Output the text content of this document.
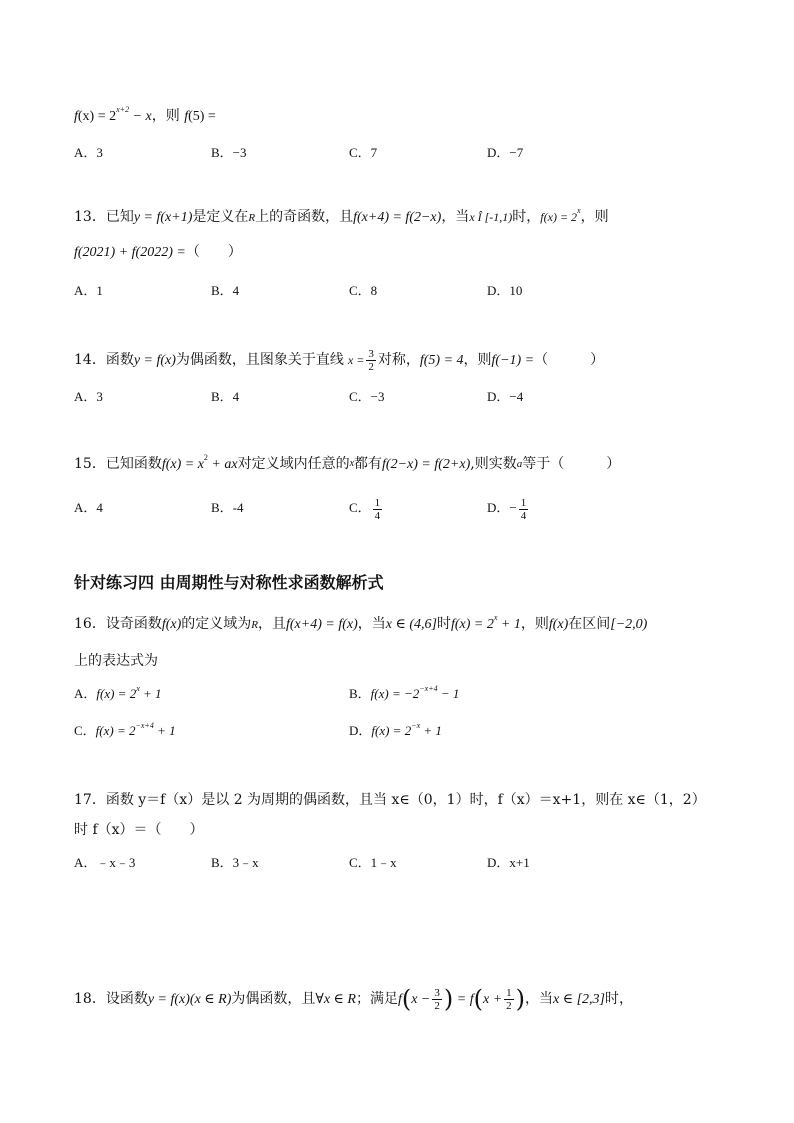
$f(x) = 2^{x+2} - x$，则 f(5) =
A．3	B．−3	C．7	D．−7
13．已知y = f(x+1)是定义在R上的奇函数，且f(x+4) = f(2−x)，当x Î [-1,1)时，$f(x) = 2^x$，则
f(2021) + f(2022) =（　　）
A．1	B．4	C．8	D．10
14．函数y = f(x)为偶函数，且图象关于直线 $x = \frac{3}{2}$ 对称，f(5) = 4，则f(−1) =（　　　）
A．3	B．4	C．−3	D．−4
15．已知函数$f(x) = x^2$ + ax对定义域内任意的$^x$都有f(2−x) = f(2+x),则实数$^a$等于（　　　）
A．4	B．-4	C． $\frac{1}{4}$	D．− $\frac{1}{4}$
针对练习四 由周期性与对称性求函数解析式
16．设奇函数f(x)的定义域为R，且f(x+4) = f(x)，当x ∈ (4,6]时$f(x) = 2^x + 1$，则f(x)在区间[−2,0)
上的表达式为
A．$f(x) = 2^x + 1$	B．$f(x) = -2^{-x+4} - 1$
C．$f(x) = 2^{-x+4} + 1$	D．$f(x) = 2^{-x} + 1$
17．函数 y＝f（x）是以 2 为周期的偶函数，且当 x∈（0，1）时，f（x）＝x+1，则在 x∈（1，2）
时 f（x）＝（　　）
A．﹣x﹣3	B．3﹣x	C．1﹣x	D．x+1
18．设函数y = f(x)(x ∈ R)为偶函数，且∀x ∈ R；满足$f(x - \frac{3}{2}$ ) = $f(x + \frac{1}{2}$ )，当x ∈ [2,3]时，
